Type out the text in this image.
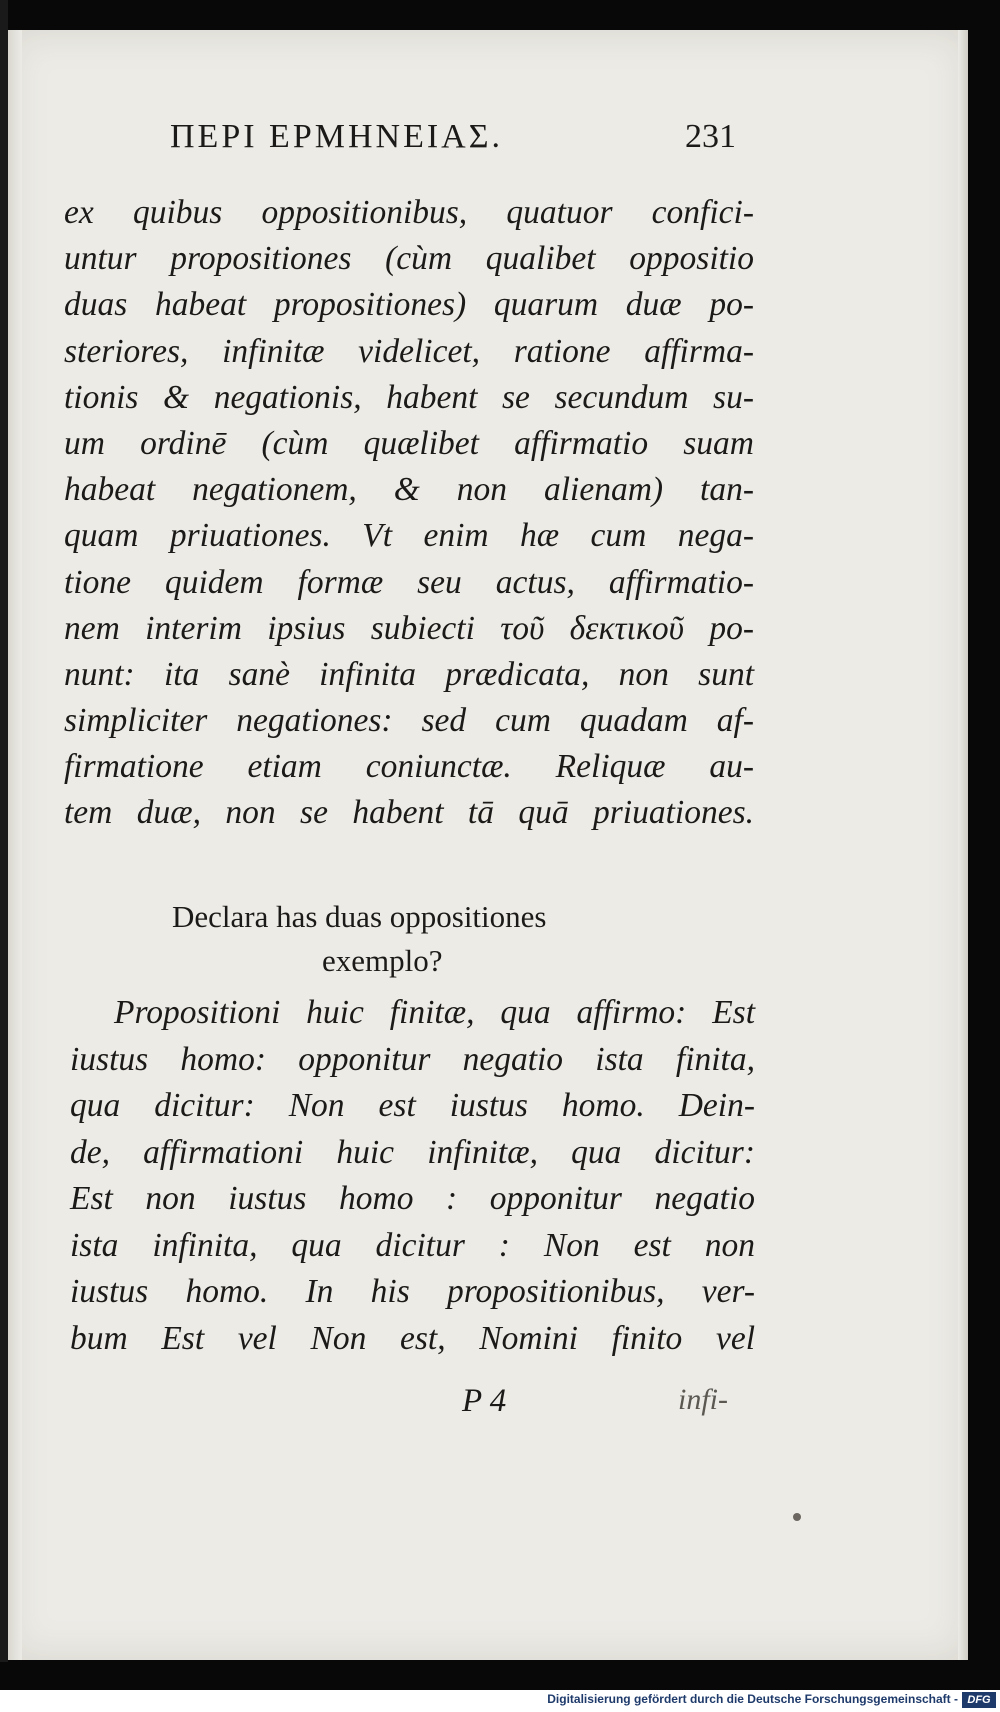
ΠΕΡΙ ΕΡΜΗΝΕΙΑΣ.	231
ex quibus oppositionibus, quatuor confici-
untur propositiones (cùm qualibet oppositio
duas habeat propositiones) quarum duæ po-
steriores, infinitæ videlicet, ratione affirma-
tionis & negationis, habent se secundum su-
um ordinē (cùm quælibet affirmatio suam
habeat negationem, & non alienam) tan-
quam priuationes. Vt enim hæ cum nega-
tione quidem formæ seu actus, affirmatio-
nem interim ipsius subiecti τοῦ δεκτικοῦ po-
nunt: ita sanè infinita prædicata, non sunt
simpliciter negationes: sed cum quadam af-
firmatione etiam coniunctæ. Reliquæ au-
tem duæ, non se habent tā quā priuationes.
Declara has duas oppositiones
exemplo?
Propositioni huic finitæ, qua affirmo: Est
iustus homo: opponitur negatio ista finita,
qua dicitur: Non est iustus homo. Dein-
de, affirmationi huic infinitæ, qua dicitur:
Est non iustus homo : opponitur negatio
ista infinita, qua dicitur : Non est non
iustus homo. In his propositionibus, ver-
bum Est vel Non est, Nomini finito vel
P 4	infi-
Digitalisierung gefördert durch die Deutsche Forschungsgemeinschaft - DFG
